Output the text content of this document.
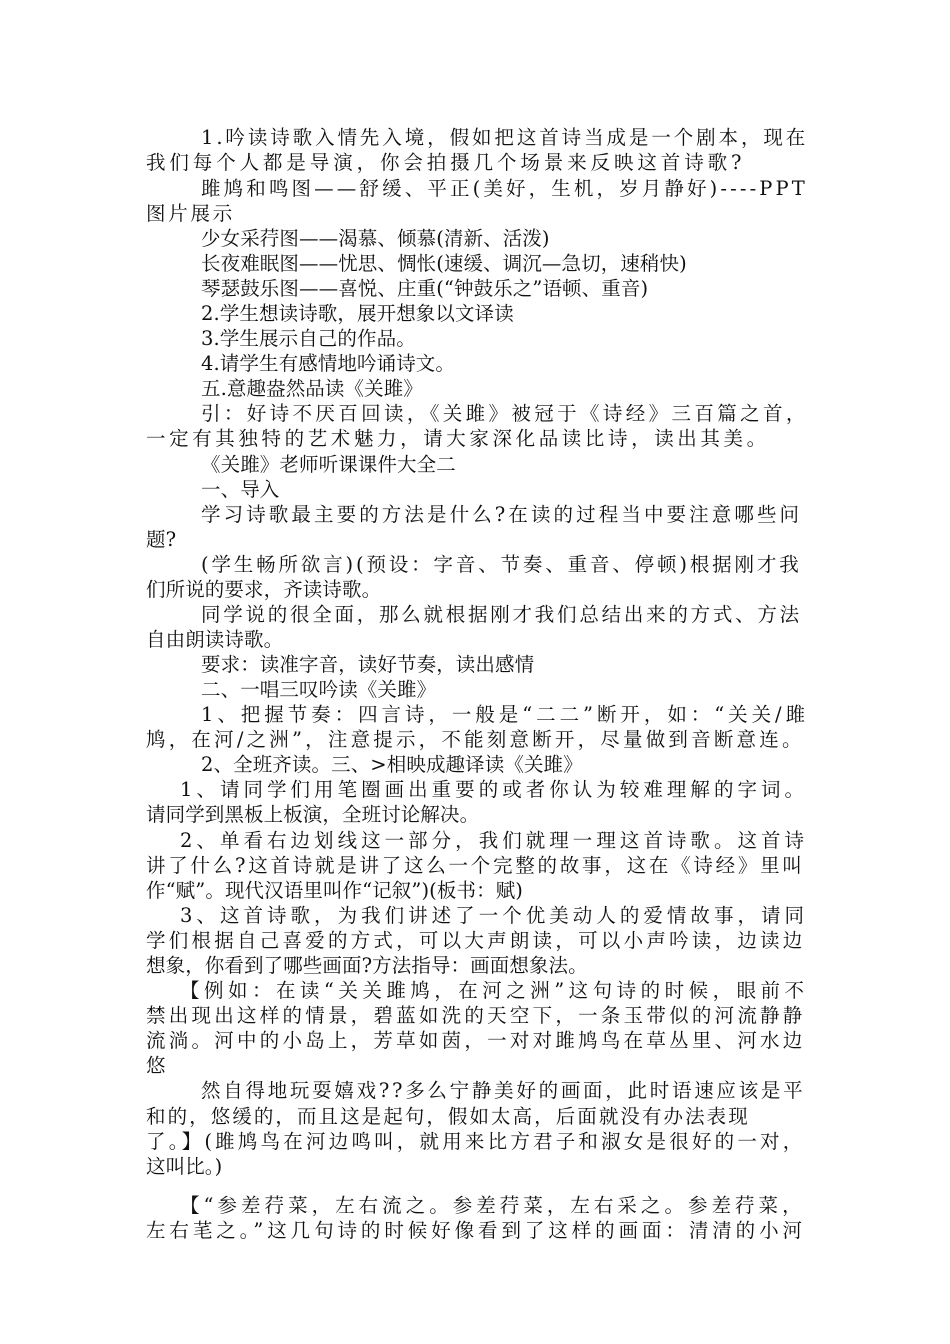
1.吟读诗歌入情先入境，假如把这首诗当成是一个剧本，现在
我们每个人都是导演，你会拍摄几个场景来反映这首诗歌?
雎鸠和鸣图——舒缓、平正(美好，生机，岁月静好)----PPT
图片展示
少女采荇图——渴慕、倾慕(清新、活泼)
长夜难眠图——忧思、惆怅(速缓、调沉—急切，速稍快)
琴瑟鼓乐图——喜悦、庄重(“钟鼓乐之”语顿、重音)
2.学生想读诗歌，展开想象以文译读
3.学生展示自己的作品。
4.请学生有感情地吟诵诗文。
五.意趣盎然品读《关雎》
引：好诗不厌百回读，《关雎》被冠于《诗经》三百篇之首，
一定有其独特的艺术魅力，请大家深化品读比诗，读出其美。
《关雎》老师听课课件大全二
一、导入
学习诗歌最主要的方法是什么?在读的过程当中要注意哪些问
题?
(学生畅所欲言)(预设：字音、节奏、重音、停顿)根据刚才我
们所说的要求，齐读诗歌。
同学说的很全面，那么就根据刚才我们总结出来的方式、方法
自由朗读诗歌。
要求：读准字音，读好节奏，读出感情
二、一唱三叹吟读《关雎》
1、把握节奏：四言诗，一般是“二二”断开，如：“关关/雎
鸠，在河/之洲”，注意提示，不能刻意断开，尽量做到音断意连。
2、全班齐读。三、>相映成趣译读《关雎》
1、请同学们用笔圈画出重要的或者你认为较难理解的字词。
请同学到黑板上板演，全班讨论解决。
2、单看右边划线这一部分，我们就理一理这首诗歌。这首诗
讲了什么?这首诗就是讲了这么一个完整的故事，这在《诗经》里叫
作“赋”。现代汉语里叫作“记叙”)(板书：赋)
3、这首诗歌，为我们讲述了一个优美动人的爱情故事，请同
学们根据自己喜爱的方式，可以大声朗读，可以小声吟读，边读边
想象，你看到了哪些画面?方法指导：画面想象法。
【例如：在读“关关雎鸠，在河之洲”这句诗的时候，眼前不
禁出现出这样的情景，碧蓝如洗的天空下，一条玉带似的河流静静
流淌。河中的小岛上，芳草如茵，一对对雎鸠鸟在草丛里、河水边
悠
然自得地玩耍嬉戏??多么宁静美好的画面，此时语速应该是平
和的，悠缓的，而且这是起句，假如太高，后面就没有办法表现
了。】(雎鸠鸟在河边鸣叫，就用来比方君子和淑女是很好的一对，
这叫比。)
【“参差荇菜，左右流之。参差荇菜，左右采之。参差荇菜，
左右芼之。”这几句诗的时候好像看到了这样的画面：清清的小河
